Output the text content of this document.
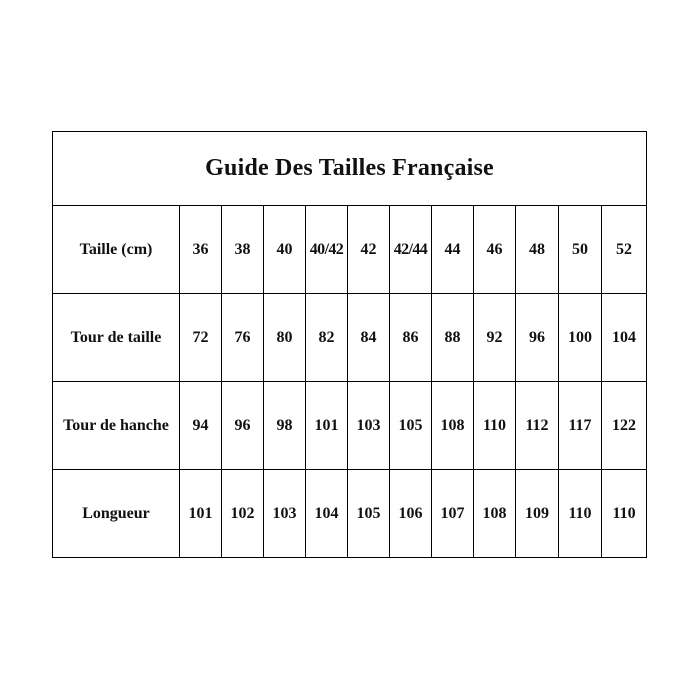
Guide Des Tailles Française											
Taille (cm)	36	38	40	40/42	42	42/44	44	46	48	50	52
Tour de taille	72	76	80	82	84	86	88	92	96	100	104
Tour de hanche	94	96	98	101	103	105	108	110	112	117	122
Longueur	101	102	103	104	105	106	107	108	109	110	110
